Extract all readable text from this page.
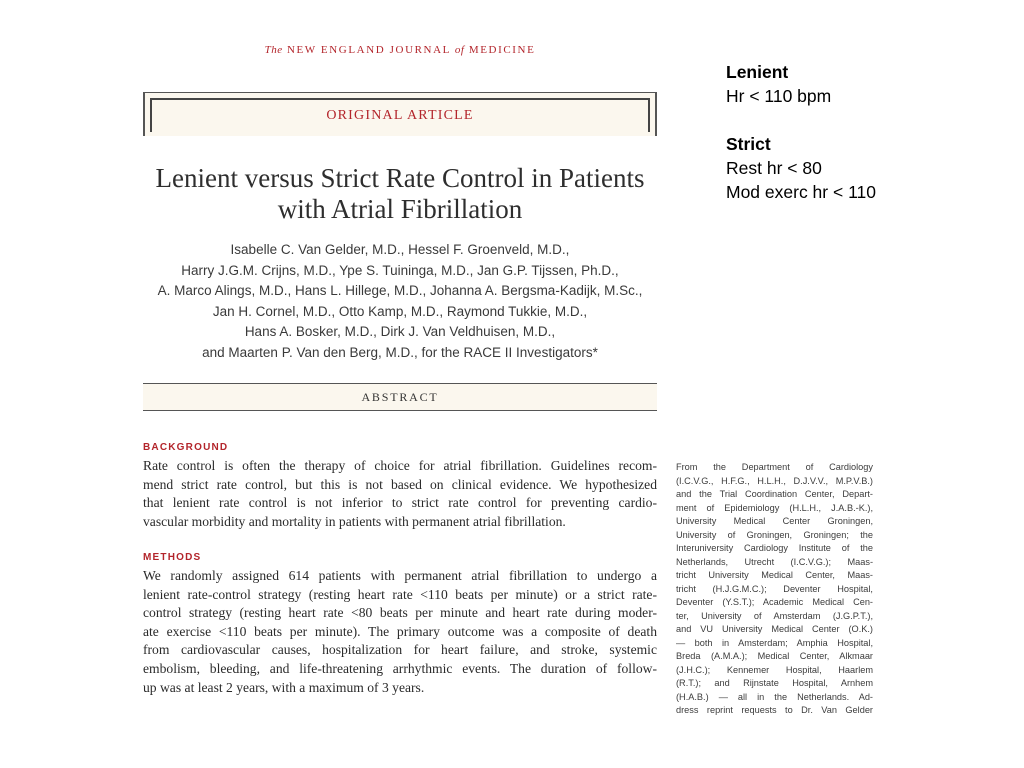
The NEW ENGLAND JOURNAL of MEDICINE
ORIGINAL ARTICLE
Lenient versus Strict Rate Control in Patients
with Atrial Fibrillation
Isabelle C. Van Gelder, M.D., Hessel F. Groenveld, M.D.,
Harry J.G.M. Crijns, M.D., Ype S. Tuininga, M.D., Jan G.P. Tijssen, Ph.D.,
A. Marco Alings, M.D., Hans L. Hillege, M.D., Johanna A. Bergsma-Kadijk, M.Sc.,
Jan H. Cornel, M.D., Otto Kamp, M.D., Raymond Tukkie, M.D.,
Hans A. Bosker, M.D., Dirk J. Van Veldhuisen, M.D.,
and Maarten P. Van den Berg, M.D., for the RACE II Investigators*
ABSTRACT
BACKGROUND
Rate control is often the therapy of choice for atrial fibrillation. Guidelines recom-
mend strict rate control, but this is not based on clinical evidence. We hypothesized
that lenient rate control is not inferior to strict rate control for preventing cardio-
vascular morbidity and mortality in patients with permanent atrial fibrillation.
METHODS
We randomly assigned 614 patients with permanent atrial fibrillation to undergo a
lenient rate-control strategy (resting heart rate <110 beats per minute) or a strict rate-
control strategy (resting heart rate <80 beats per minute and heart rate during moder-
ate exercise <110 beats per minute). The primary outcome was a composite of death
from cardiovascular causes, hospitalization for heart failure, and stroke, systemic
embolism, bleeding, and life-threatening arrhythmic events. The duration of follow-
up was at least 2 years, with a maximum of 3 years.
From the Department of Cardiology
(I.C.V.G., H.F.G., H.L.H., D.J.V.V., M.P.V.B.)
and the Trial Coordination Center, Depart-
ment of Epidemiology (H.L.H., J.A.B.-K.),
University Medical Center Groningen,
University of Groningen, Groningen; the
Interuniversity Cardiology Institute of the
Netherlands, Utrecht (I.C.V.G.); Maas-
tricht University Medical Center, Maas-
tricht (H.J.G.M.C.); Deventer Hospital,
Deventer (Y.S.T.); Academic Medical Cen-
ter, University of Amsterdam (J.G.P.T.),
and VU University Medical Center (O.K.)
— both in Amsterdam; Amphia Hospital,
Breda (A.M.A.); Medical Center, Alkmaar
(J.H.C.); Kennemer Hospital, Haarlem
(R.T.); and Rijnstate Hospital, Arnhem
(H.A.B.) — all in the Netherlands. Ad-
dress reprint requests to Dr. Van Gelder
Lenient
Hr < 110 bpm
Strict
Rest hr < 80
Mod exerc hr < 110
